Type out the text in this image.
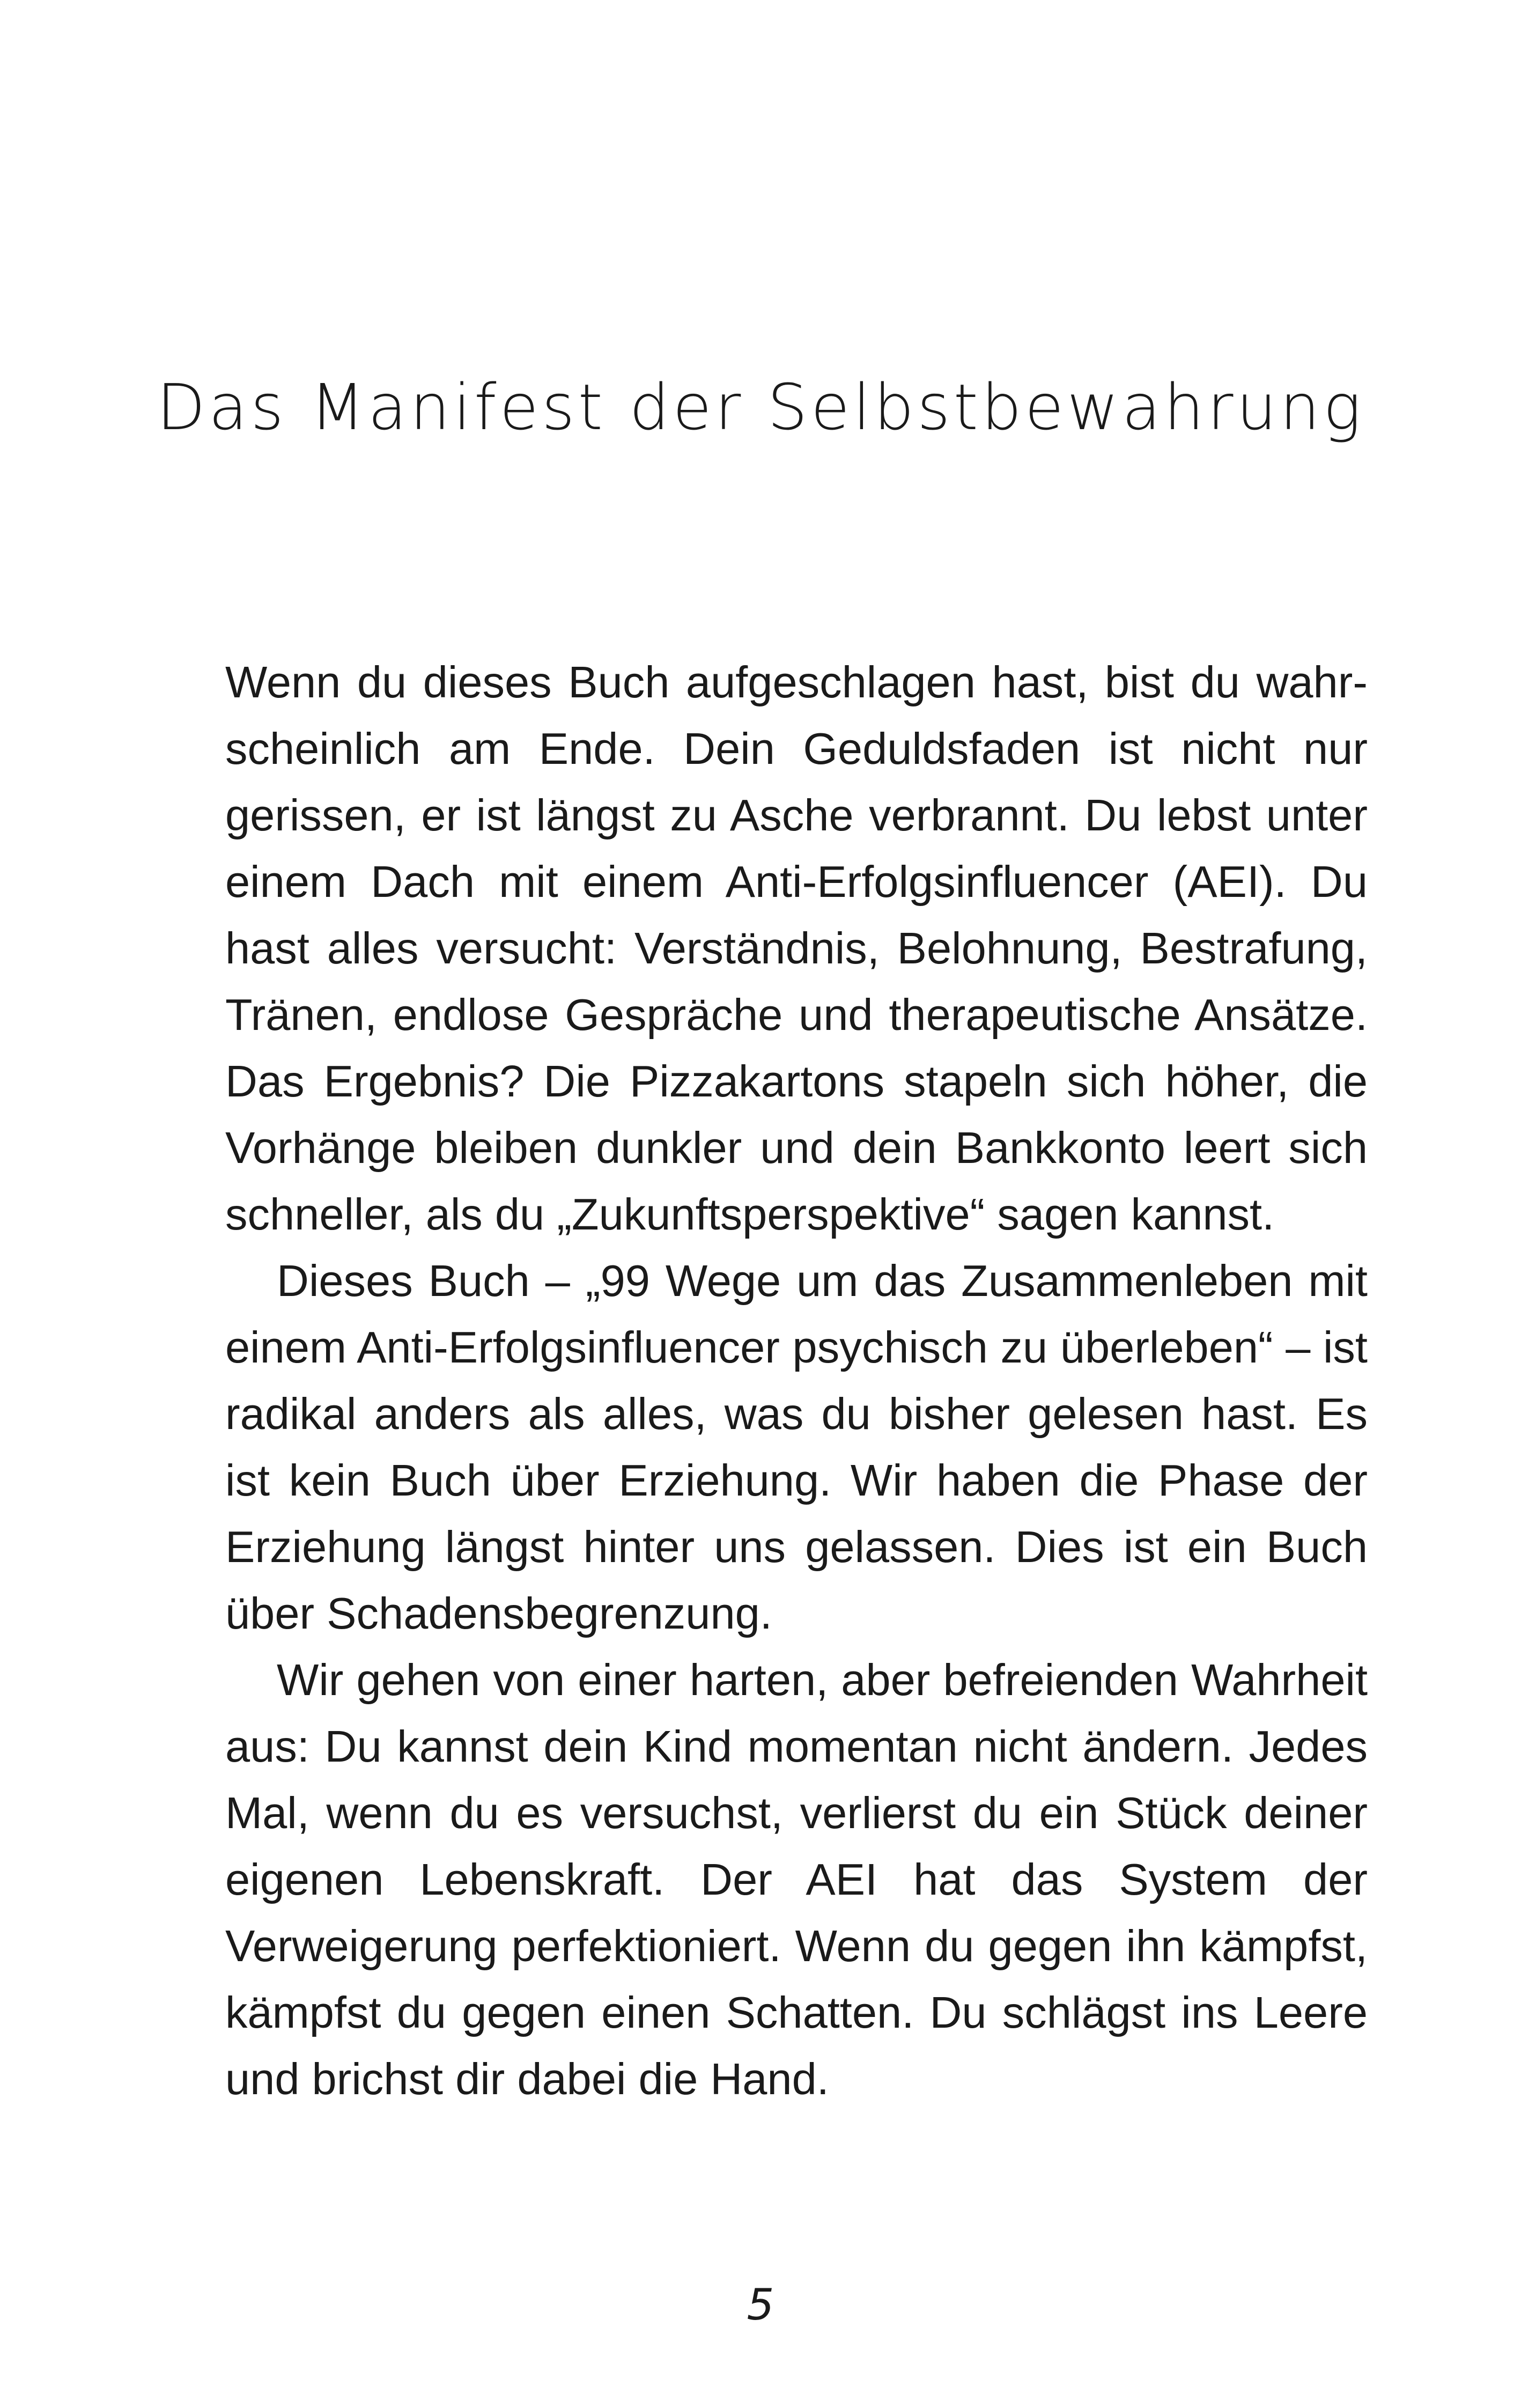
Das Manifest der Selbstbewahrung

Wenn du dieses Buch aufgeschlagen hast, bist du wahrscheinlich am Ende. Dein Geduldsfaden ist nicht nur gerissen, er ist längst zu Asche verbrannt. Du lebst unter einem Dach mit einem Anti-Erfolgsinfluencer (AEI). Du hast alles versucht: Verständnis, Belohnung, Bestrafung, Tränen, endlose Gespräche und therapeutische Ansätze. Das Ergebnis? Die Pizzakartons stapeln sich höher, die Vorhänge bleiben dunkler und dein Bankkonto leert sich schneller, als du „Zukunftsperspektive“ sagen kannst.

Dieses Buch – „99 Wege um das Zusammenleben mit einem Anti-Erfolgsinfluencer psychisch zu überleben“ – ist radikal anders als alles, was du bisher gelesen hast. Es ist kein Buch über Erziehung. Wir haben die Phase der Erziehung längst hinter uns gelassen. Dies ist ein Buch über Schadensbegrenzung.

Wir gehen von einer harten, aber befreienden Wahrheit aus: Du kannst dein Kind momentan nicht ändern. Jedes Mal, wenn du es versuchst, verlierst du ein Stück deiner eigenen Lebenskraft. Der AEI hat das System der Verweigerung perfektioniert. Wenn du gegen ihn kämpfst, kämpfst du gegen einen Schatten. Du schlägst ins Leere und brichst dir dabei die Hand.

5
